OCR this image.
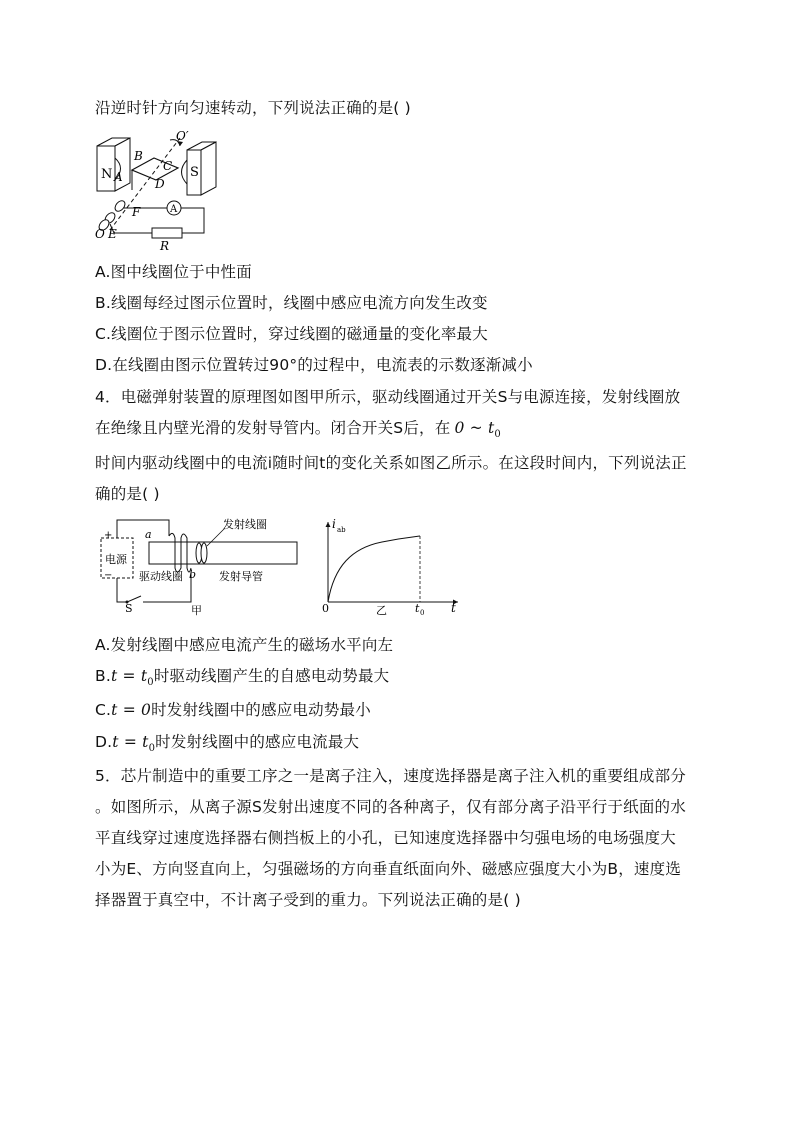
沿逆时针方向匀速转动，下列说法正确的是( )
O′
B
C
N A	S
D
F	A
O E
R
A.图中线圈位于中性面
B.线圈每经过图示位置时，线圈中感应电流方向发生改变
C.线圈位于图示位置时，穿过线圈的磁通量的变化率最大
D.在线圈由图示位置转过90°的过程中，电流表的示数逐渐减小
4．电磁弹射装置的原理图如图甲所示，驱动线圈通过开关S与电源连接，发射线圈放
在绝缘且内壁光滑的发射导管内。闭合开关S后，在 0 ~ $t_0$
时间内驱动线圈中的电流i随时间t的变化关系如图乙所示。在这段时间内，下列说法正
确的是( )
电源
+
−
a
b
发射线圈
驱动线圈	发射导管
S	甲
i ab
t
0	t 0
乙
A.发射线圈中感应电流产生的磁场水平向左
$B.t = t_0$时驱动线圈产生的自感电动势最大
C.t = 0时发射线圈中的感应电动势最小
$D.t = t_0$时发射线圈中的感应电流最大
5．芯片制造中的重要工序之一是离子注入，速度选择器是离子注入机的重要组成部分
。如图所示，从离子源S发射出速度不同的各种离子，仅有部分离子沿平行于纸面的水
平直线穿过速度选择器右侧挡板上的小孔，已知速度选择器中匀强电场的电场强度大
小为E、方向竖直向上，匀强磁场的方向垂直纸面向外、磁感应强度大小为B，速度选
择器置于真空中，不计离子受到的重力。下列说法正确的是( )
